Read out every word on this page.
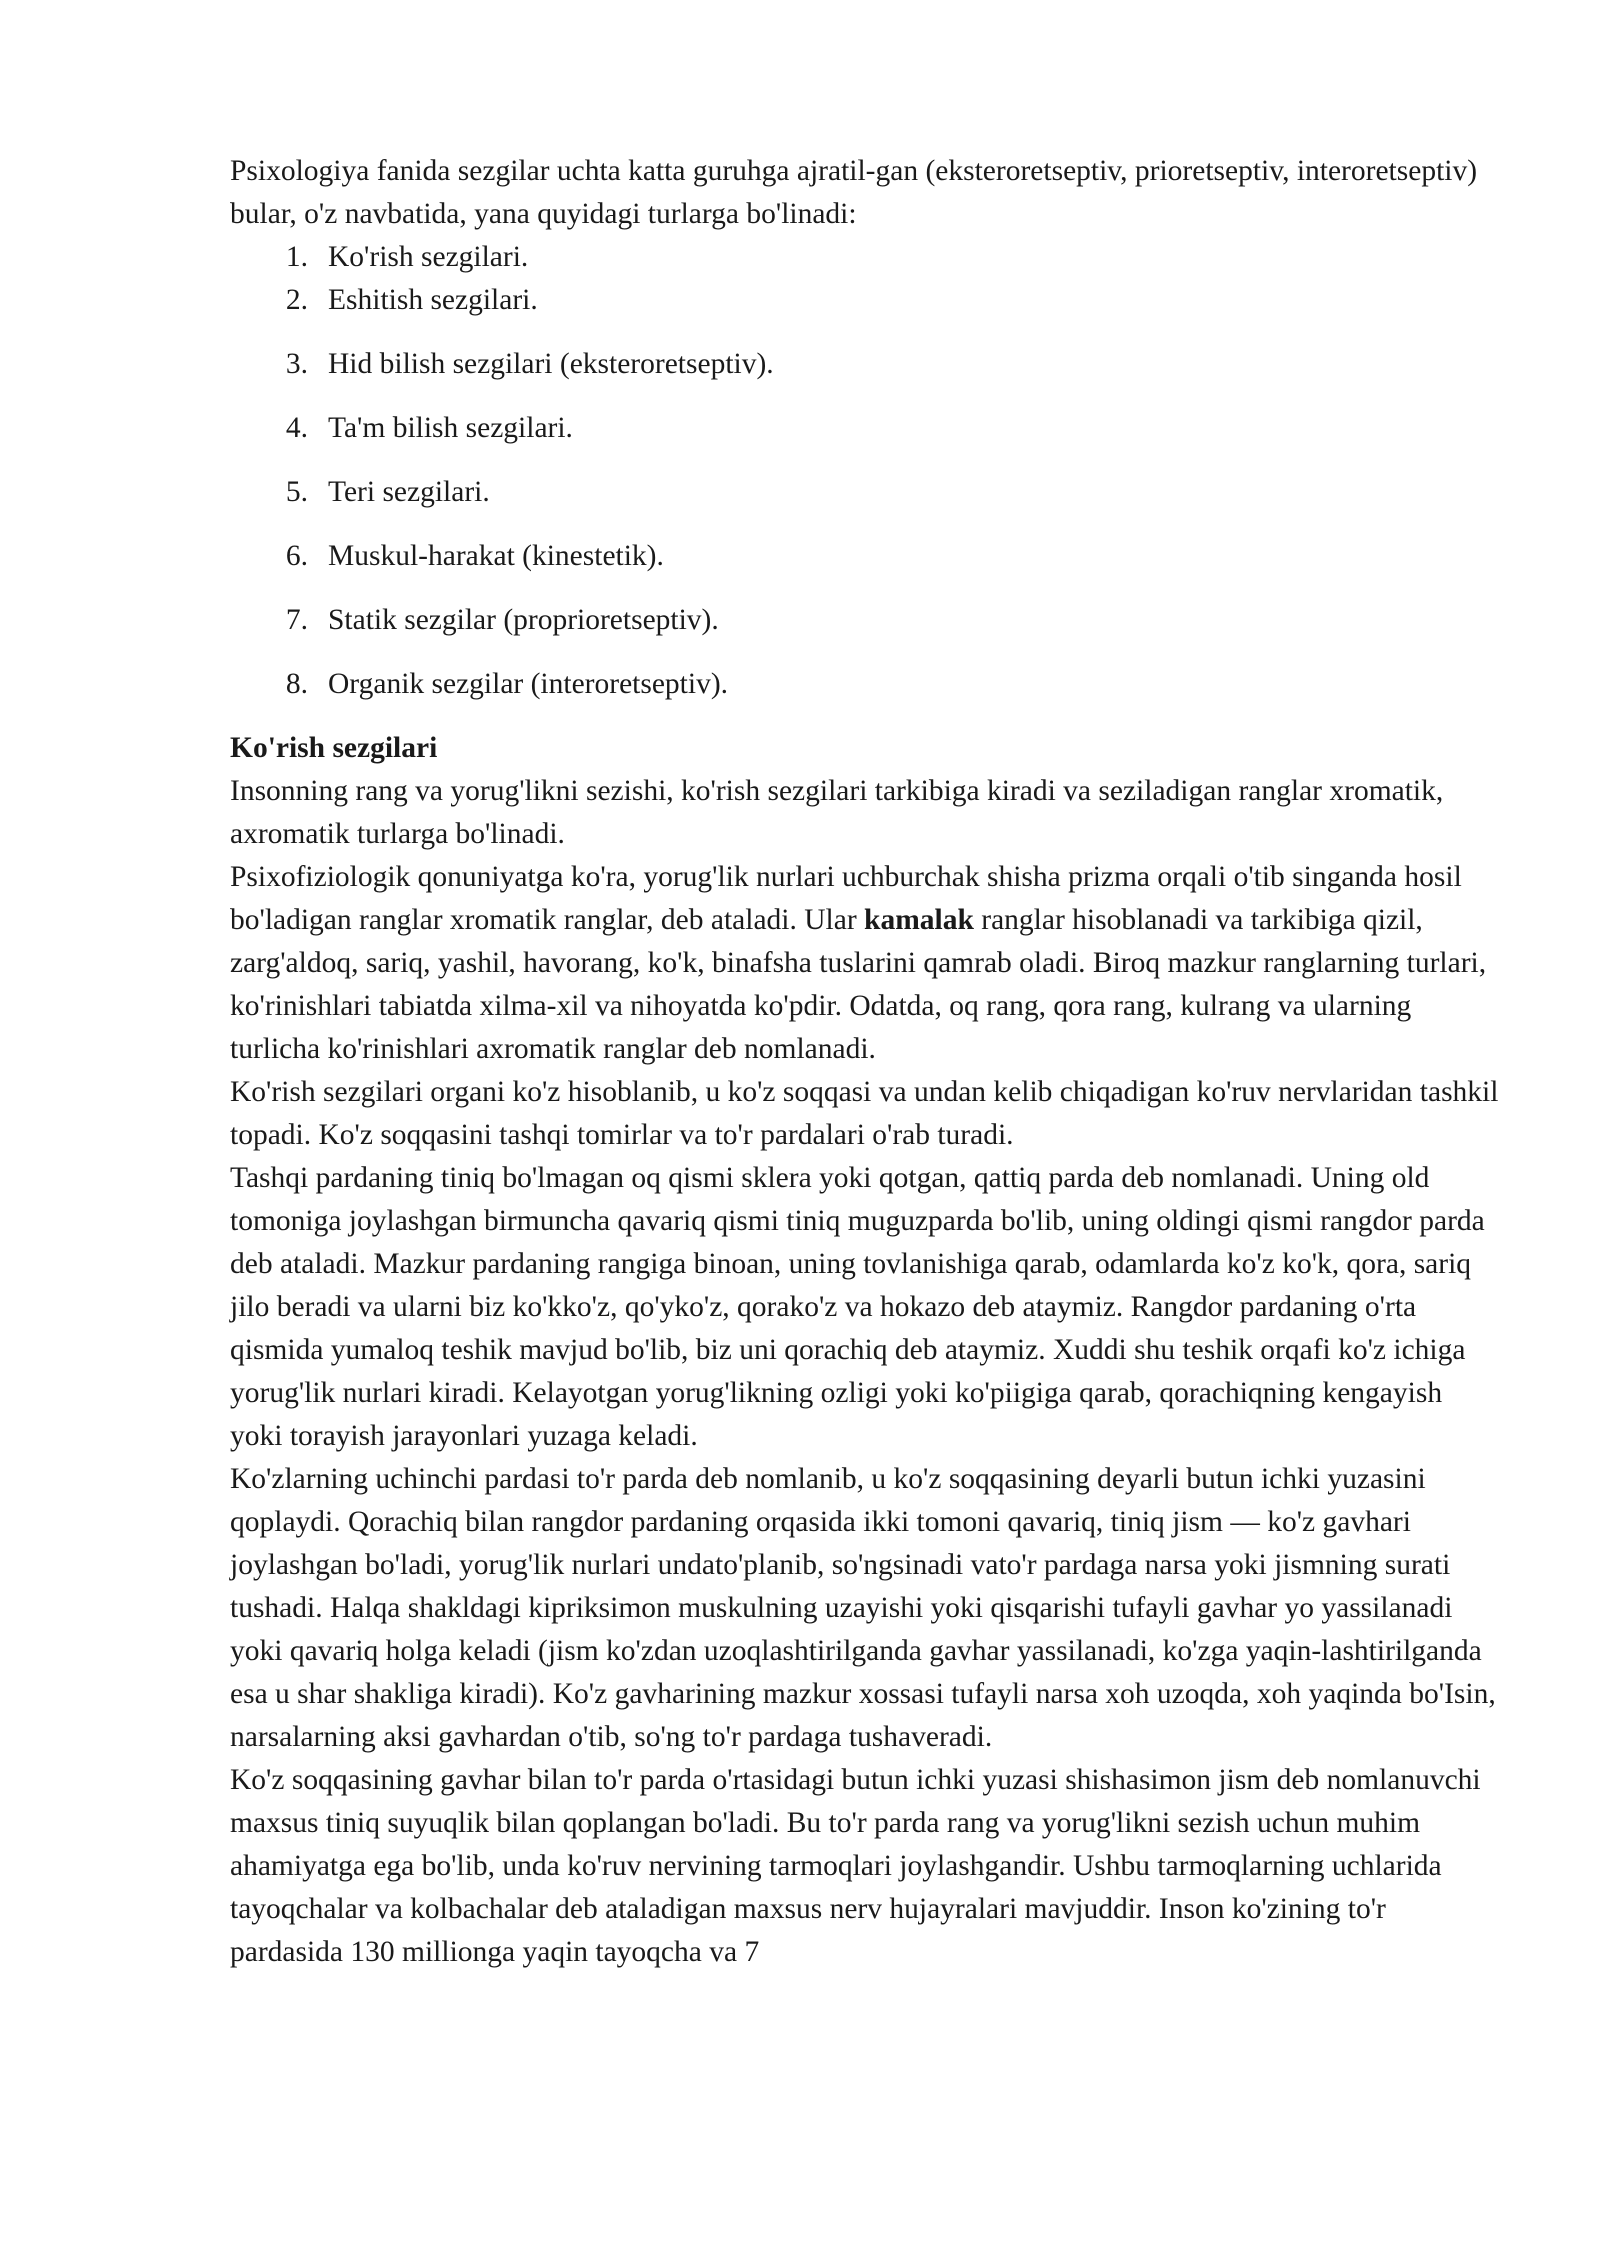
Psixologiya fanida sezgilar uchta katta guruhga ajratil-gan (eksteroretseptiv, prioretseptiv, interoretseptiv) bular, o'z navbatida, yana quyidagi turlarga bo'linadi:

1. Ko'rish sezgilari.
2. Eshitish sezgilari.
3. Hid bilish sezgilari (eksteroretseptiv).
4. Ta'm bilish sezgilari.
5. Teri sezgilari.
6. Muskul-harakat (kinestetik).
7. Statik sezgilar (proprioretseptiv).
8. Organik sezgilar (interoretseptiv).

Ko'rish sezgilari

Insonning rang va yorug'likni sezishi, ko'rish sezgilari tarkibiga kiradi va seziladigan ranglar xromatik, axromatik turlarga bo'linadi.

Psixofiziologik qonuniyatga ko'ra, yorug'lik nurlari uchburchak shisha prizma orqali o'tib singanda hosil bo'ladigan ranglar xromatik ranglar, deb ataladi. Ular kamalak ranglar hisoblanadi va tarkibiga qizil, zarg'aldoq, sariq, yashil, havorang, ko'k, binafsha tuslarini qamrab oladi. Biroq mazkur ranglarning turlari, ko'rinishlari tabiatda xilma-xil va nihoyatda ko'pdir. Odatda, oq rang, qora rang, kulrang va ularning turlicha ko'rinishlari axromatik ranglar deb nomlanadi.

Ko'rish sezgilari organi ko'z hisoblanib, u ko'z soqqasi va undan kelib chiqadigan ko'ruv nervlaridan tashkil topadi. Ko'z soqqasini tashqi tomirlar va to'r pardalari o'rab turadi.

Tashqi pardaning tiniq bo'lmagan oq qismi sklera yoki qotgan, qattiq parda deb nomlanadi. Uning old tomoniga joylashgan birmuncha qavariq qismi tiniq muguzparda bo'lib, uning oldingi qismi rangdor parda deb ataladi. Mazkur pardaning rangiga binoan, uning tovlanishiga qarab, odamlarda ko'z ko'k, qora, sariq jilo beradi va ularni biz ko'kko'z, qo'yko'z, qorako'z va hokazo deb ataymiz. Rangdor pardaning o'rta qismida yumaloq teshik mavjud bo'lib, biz uni qorachiq deb ataymiz. Xuddi shu teshik orqafi ko'z ichiga yorug'lik nurlari kiradi. Kelayotgan yorug'likning ozligi yoki ko'piigiga qarab, qorachiqning kengayish yoki torayish jarayonlari yuzaga keladi.

Ko'zlarning uchinchi pardasi to'r parda deb nomlanib, u ko'z soqqasining deyarli butun ichki yuzasini qoplaydi. Qorachiq bilan rangdor pardaning orqasida ikki tomoni qavariq, tiniq jism — ko'z gavhari joylashgan bo'ladi, yorug'lik nurlari undato'planib, so'ngsinadi vato'r pardaga narsa yoki jismning surati tushadi. Halqa shakldagi kipriksimon muskulning uzayishi yoki qisqarishi tufayli gavhar yo yassilanadi yoki qavariq holga keladi (jism ko'zdan uzoqlashtirilganda gavhar yassilanadi, ko'zga yaqin-lashtirilganda esa u shar shakliga kiradi). Ko'z gavharining mazkur xossasi tufayli narsa xoh uzoqda, xoh yaqinda bo'Isin, narsalarning aksi gavhardan o'tib, so'ng to'r pardaga tushaveradi.

Ko'z soqqasining gavhar bilan to'r parda o'rtasidagi butun ichki yuzasi shishasimon jism deb nomlanuvchi maxsus tiniq suyuqlik bilan qoplangan bo'ladi. Bu to'r parda rang va yorug'likni sezish uchun muhim ahamiyatga ega bo'lib, unda ko'ruv nervining tarmoqlari joylashgandir. Ushbu tarmoqlarning uchlarida tayoqchalar va kolbachalar deb ataladigan maxsus nerv hujayralari mavjuddir. Inson ko'zining to'r pardasida 130 millionga yaqin tayoqcha va 7
